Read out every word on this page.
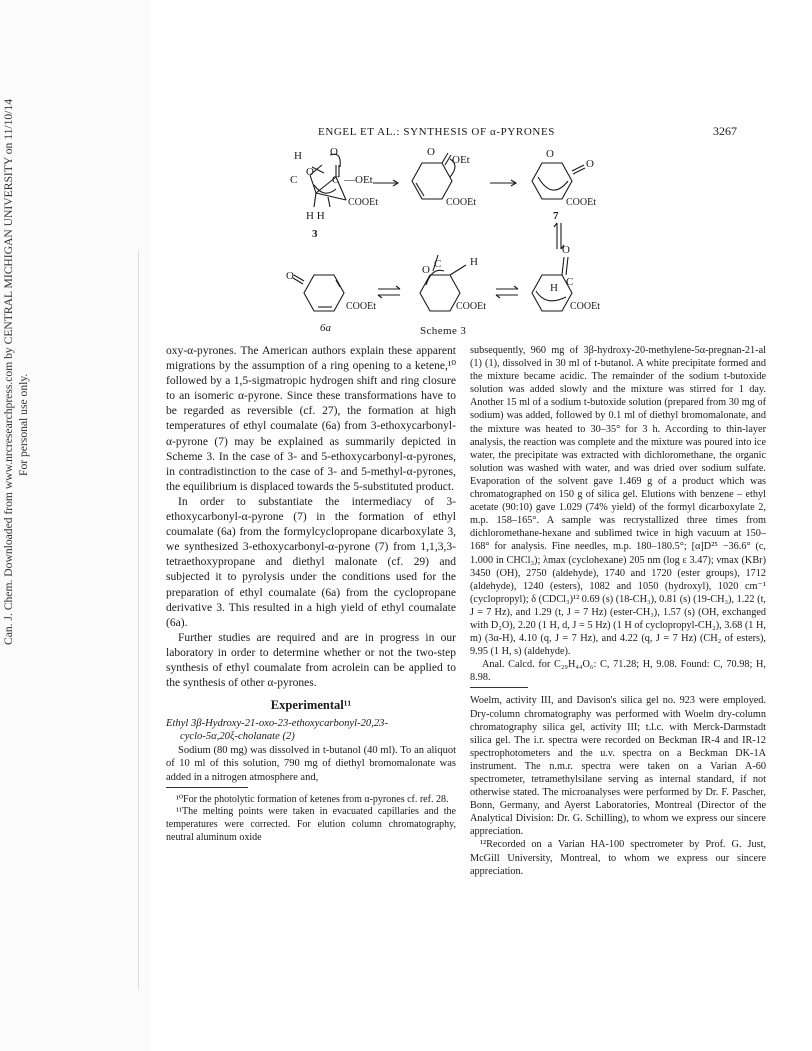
Can. J. Chem. Downloaded from www.nrcresearchpress.com by CENTRAL MICHIGAN UNIVERSITY on 11/10/14 For personal use only.
ENGEL ET AL.: SYNTHESIS OF α-PYRONES	3267
H
O
O
C	C —OEt
COOEt
H H
3
O
OEt
COOEt
O
O
COOEt
7
O
COOEt
6a
O C	H
COOEt
O
H C
COOEt
Scheme 3

oxy-α-pyrones. The American authors explain these apparent migrations by the assumption of a ring opening to a ketene,¹⁰ followed by a 1,5-sigmatropic hydrogen shift and ring closure to an isomeric α-pyrone. Since these transformations have to be regarded as reversible (cf. 27), the formation at high temperatures of ethyl coumalate (6a) from 3-ethoxycarbonyl-α-pyrone (7) may be explained as summarily depicted in Scheme 3. In the case of 3- and 5-ethoxycarbonyl-α-pyrones, in contradistinction to the case of 3- and 5-methyl-α-pyrones, the equilibrium is displaced towards the 5-substituted product.

In order to substantiate the intermediacy of 3-ethoxycarbonyl-α-pyrone (7) in the formation of ethyl coumalate (6a) from the formylcyclopropane dicarboxylate 3, we synthesized 3-ethoxycarbonyl-α-pyrone (7) from 1,1,3,3-tetraethoxypropane and diethyl malonate (cf. 29) and subjected it to pyrolysis under the conditions used for the preparation of ethyl coumalate (6a) from the cyclopropane derivative 3. This resulted in a high yield of ethyl coumalate (6a).

Further studies are required and are in progress in our laboratory in order to determine whether or not the two-step synthesis of ethyl coumalate from acrolein can be applied to the synthesis of other α-pyrones.

Experimental¹¹
Ethyl 3β-Hydroxy-21-oxo-23-ethoxycarbonyl-20,23-
cyclo-5α,20ξ-cholanate (2)

Sodium (80 mg) was dissolved in t-butanol (40 ml). To an aliquot of 10 ml of this solution, 790 mg of diethyl bromomalonate was added in a nitrogen atmosphere and,

¹⁰For the photolytic formation of ketenes from α-pyrones cf. ref. 28.

¹¹The melting points were taken in evacuated capillaries and the temperatures were corrected. For elution column chromatography, neutral aluminum oxide

subsequently, 960 mg of 3β-hydroxy-20-methylene-5α-pregnan-21-al (1) (1), dissolved in 30 ml of t-butanol. A white precipitate formed and the mixture became acidic. The remainder of the sodium t-butoxide solution was added slowly and the mixture was stirred for 1 day. Another 15 ml of a sodium t-butoxide solution (prepared from 30 mg of sodium) was added, followed by 0.1 ml of diethyl bromomalonate, and the mixture was heated to 30–35° for 3 h. According to thin-layer analysis, the reaction was complete and the mixture was poured into ice water, the precipitate was extracted with dichloromethane, the organic solution was washed with water, and was dried over sodium sulfate. Evaporation of the solvent gave 1.469 g of a product which was chromatographed on 150 g of silica gel. Elutions with benzene – ethyl acetate (90:10) gave 1.029 (74% yield) of the formyl dicarboxylate 2, m.p. 158–165°. A sample was recrystallized three times from dichloromethane-hexane and sublimed twice in high vacuum at 150–168° for analysis. Fine needles, m.p. 180–180.5°; [α]D²⁵ −36.6° (c, 1.000 in CHCl₃); λmax (cyclohexane) 205 nm (log ε 3.47); νmax (KBr) 3450 (OH), 2750 (aldehyde), 1740 and 1720 (ester groups), 1712 (aldehyde), 1240 (esters), 1082 and 1050 (hydroxyl), 1020 cm⁻¹ (cyclopropyl); δ (CDCl₃)¹² 0.69 (s) (18-CH₃), 0.81 (s) (19-CH₃), 1.22 (t, J = 7 Hz), and 1.29 (t, J = 7 Hz) (ester-CH₃), 1.57 (s) (OH, exchanged with D₂O), 2.20 (1 H, d, J = 5 Hz) (1 H of cyclopropyl-CH₂), 3.68 (1 H, m) (3α-H), 4.10 (q, J = 7 Hz), and 4.22 (q, J = 7 Hz) (CH₂ of esters), 9.95 (1 H, s) (aldehyde).

Anal. Calcd. for C₂₉H₄₄O₆: C, 71.28; H, 9.08. Found: C, 70.98; H, 8.98.

Woelm, activity III, and Davison's silica gel no. 923 were employed. Dry-column chromatography was performed with Woelm dry-column chromatography silica gel, activity III; t.l.c. with Merck-Darmstadt silica gel. The i.r. spectra were recorded on Beckman IR-4 and IR-12 spectrophotometers and the u.v. spectra on a Beckman DK-1A instrument. The n.m.r. spectra were taken on a Varian A-60 spectrometer, tetramethylsilane serving as internal standard, if not otherwise stated. The microanalyses were performed by Dr. F. Pascher, Bonn, Germany, and Ayerst Laboratories, Montreal (Director of the Analytical Division: Dr. G. Schilling), to whom we express our sincere appreciation.

¹²Recorded on a Varian HA-100 spectrometer by Prof. G. Just, McGill University, Montreal, to whom we express our sincere appreciation.
